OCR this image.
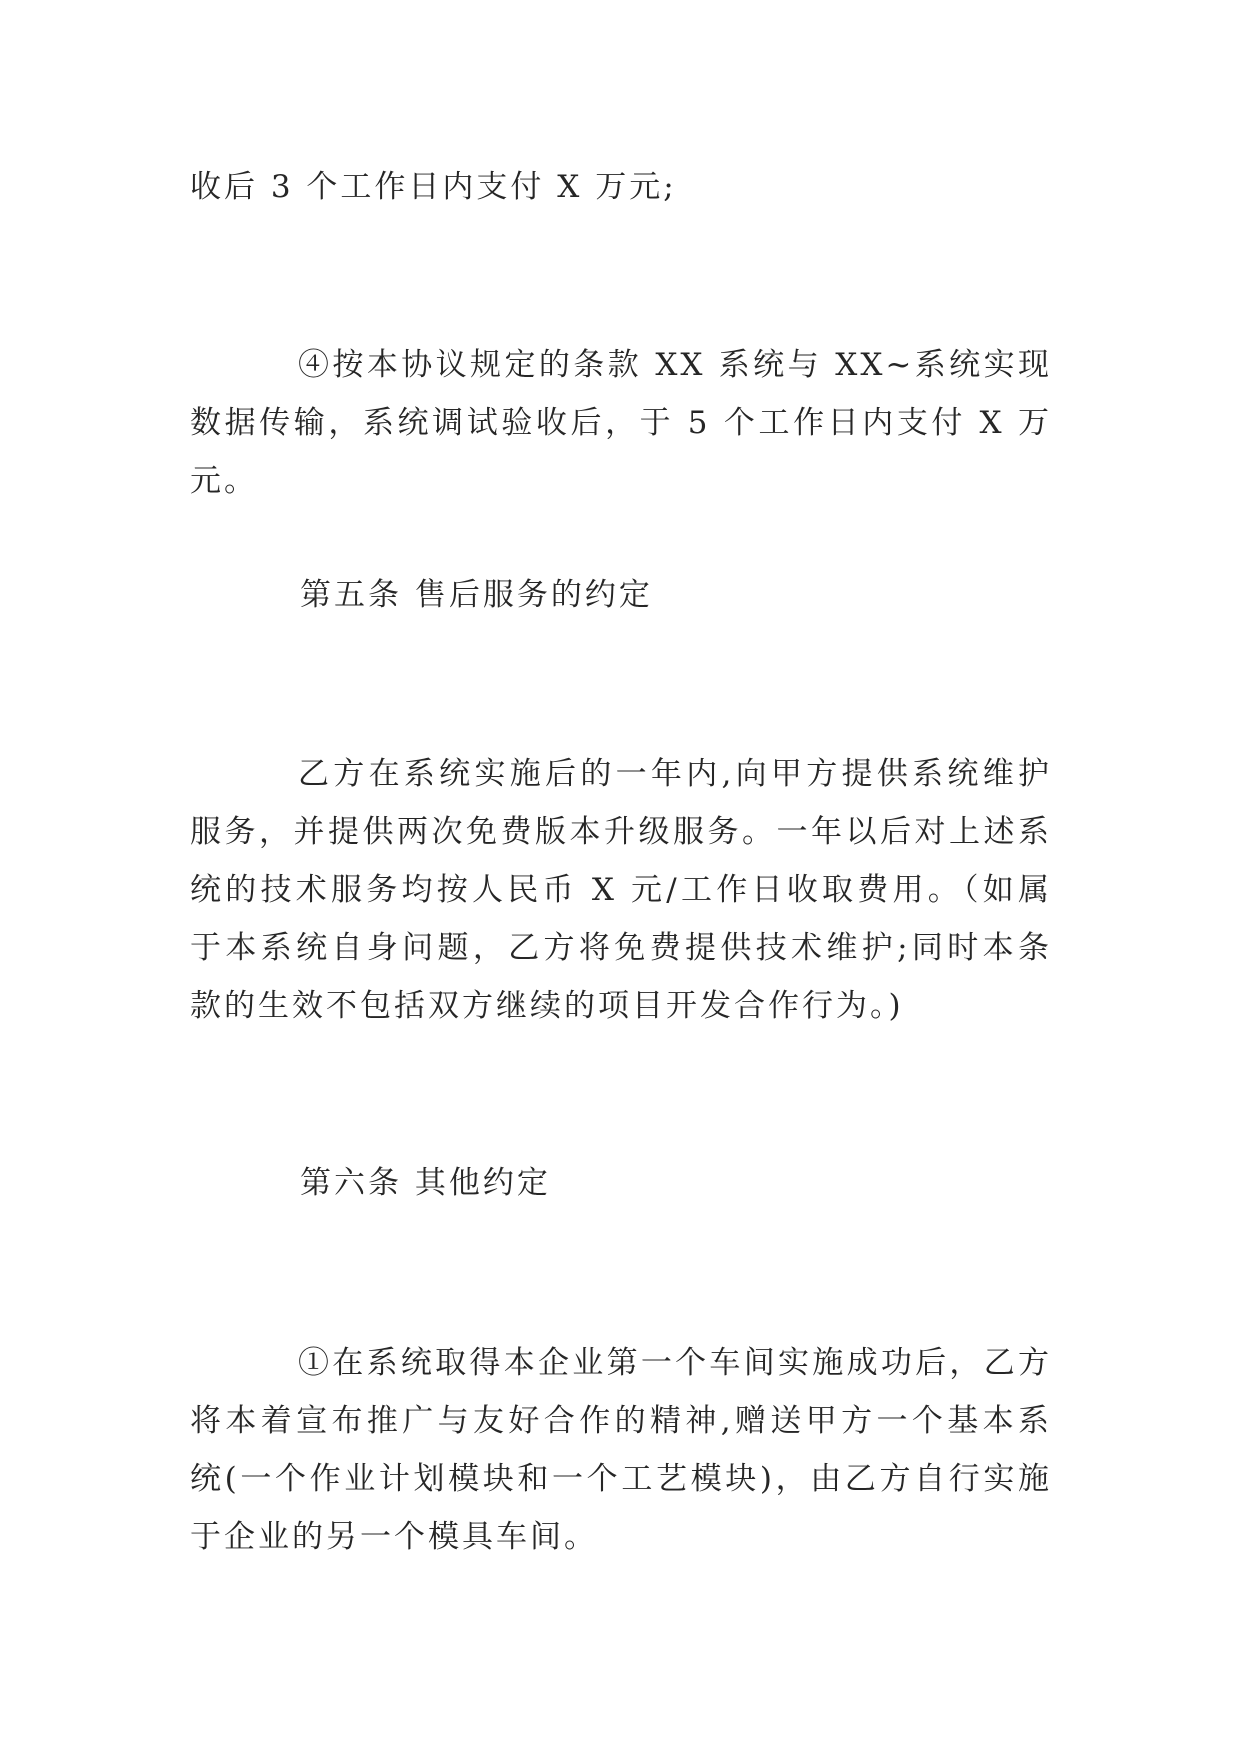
收后 3 个工作日内支付 X 万元;

④按本协议规定的条款 XX 系统与 XX~系统实现数据传输，系统调试验收后，于 5 个工作日内支付 X 万元。

第五条 售后服务的约定

乙方在系统实施后的一年内,向甲方提供系统维护服务，并提供两次免费版本升级服务。一年以后对上述系统的技术服务均按人民币 X 元/工作日收取费用。（如属于本系统自身问题，乙方将免费提供技术维护;同时本条款的生效不包括双方继续的项目开发合作行为。)

第六条 其他约定

①在系统取得本企业第一个车间实施成功后，乙方将本着宣布推广与友好合作的精神,赠送甲方一个基本系统(一个作业计划模块和一个工艺模块)，由乙方自行实施于企业的另一个模具车间。
